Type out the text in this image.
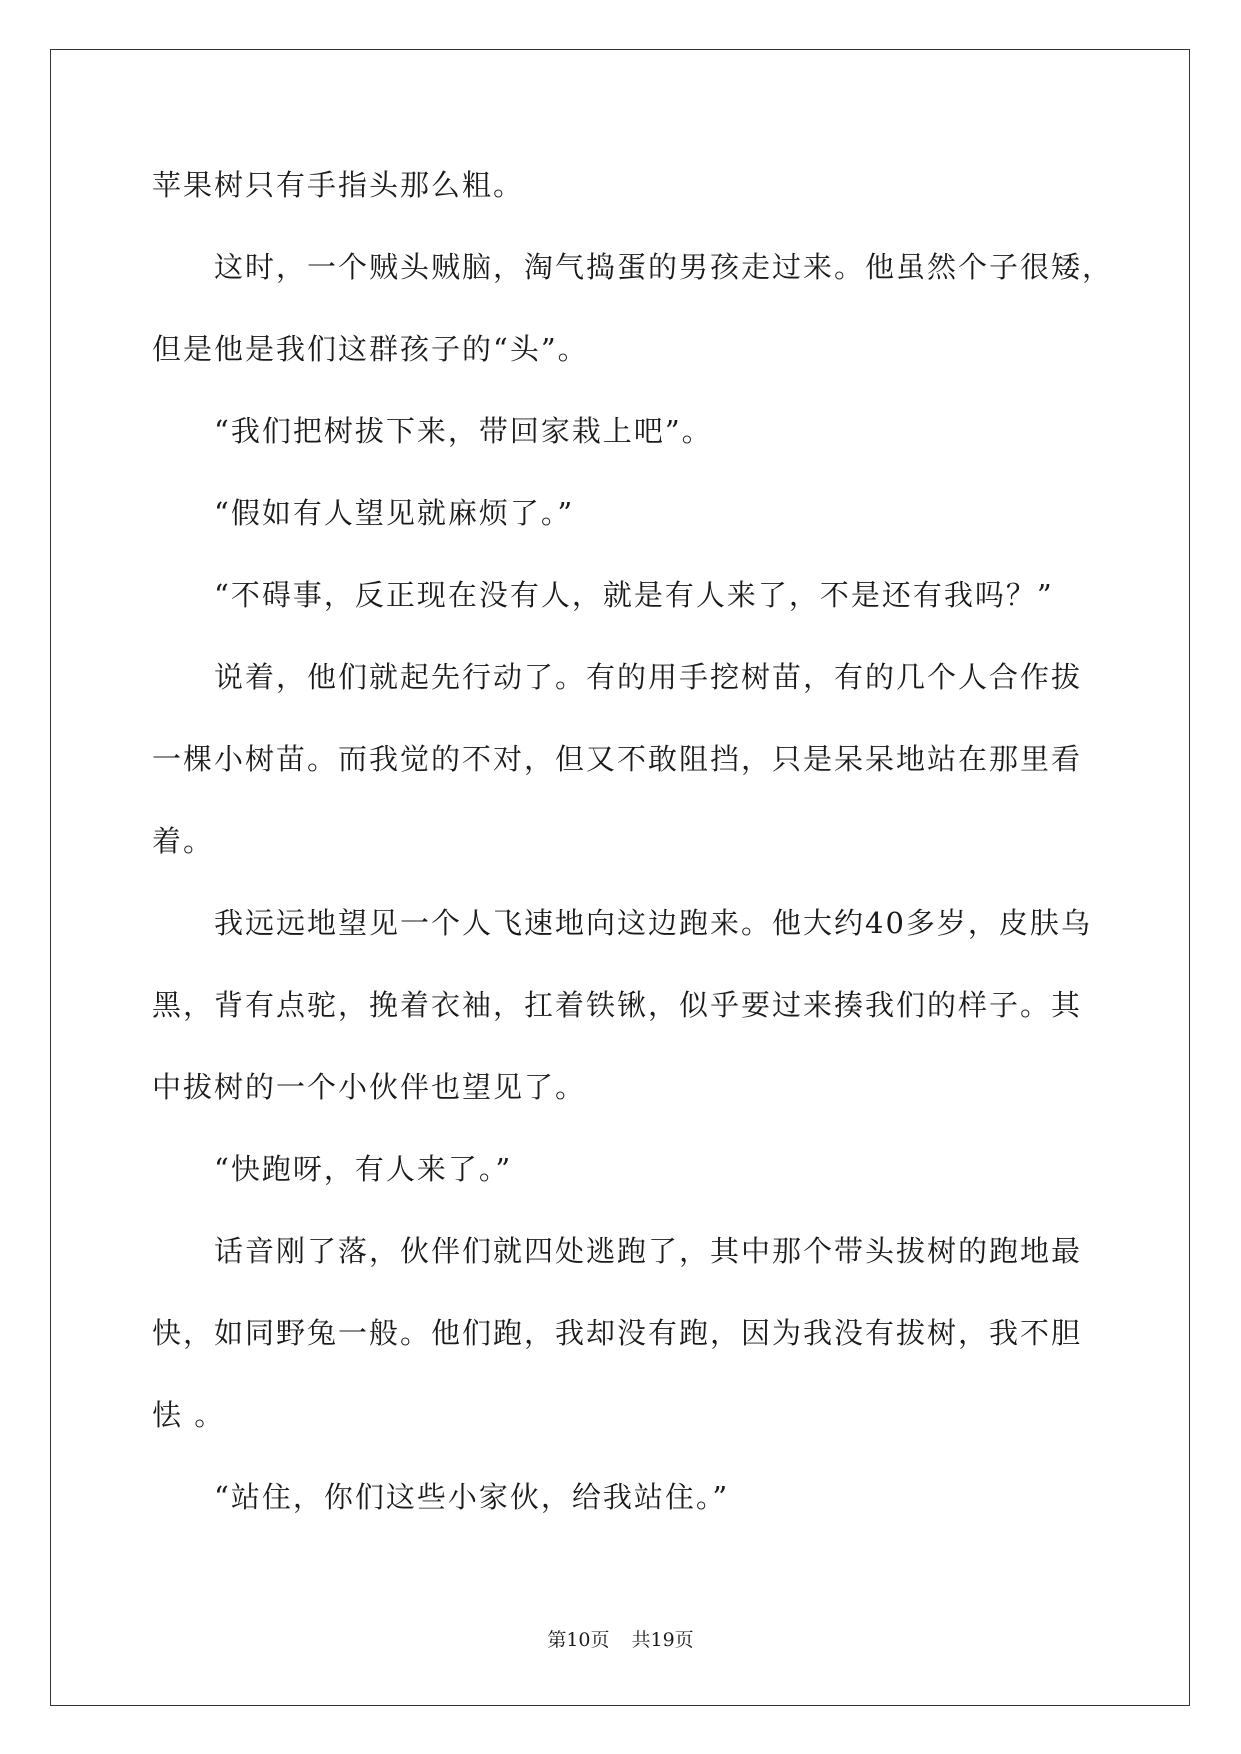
苹果树只有手指头那么粗。
这时，一个贼头贼脑，淘气捣蛋的男孩走过来。他虽然个子很矮，
但是他是我们这群孩子的“头”。
“我们把树拔下来，带回家栽上吧”。
“假如有人望见就麻烦了。”
“不碍事，反正现在没有人，就是有人来了，不是还有我吗？”
说着，他们就起先行动了。有的用手挖树苗，有的几个人合作拔
一棵小树苗。而我觉的不对，但又不敢阻挡，只是呆呆地站在那里看
着。
我远远地望见一个人飞速地向这边跑来。他大约40多岁，皮肤乌
黑，背有点驼，挽着衣袖，扛着铁锹，似乎要过来揍我们的样子。其
中拔树的一个小伙伴也望见了。
“快跑呀，有人来了。”
话音刚了落，伙伴们就四处逃跑了，其中那个带头拔树的跑地最
快，如同野兔一般。他们跑，我却没有跑，因为我没有拔树，我不胆
怯 。
“站住，你们这些小家伙，给我站住。”
第10页 共19页
